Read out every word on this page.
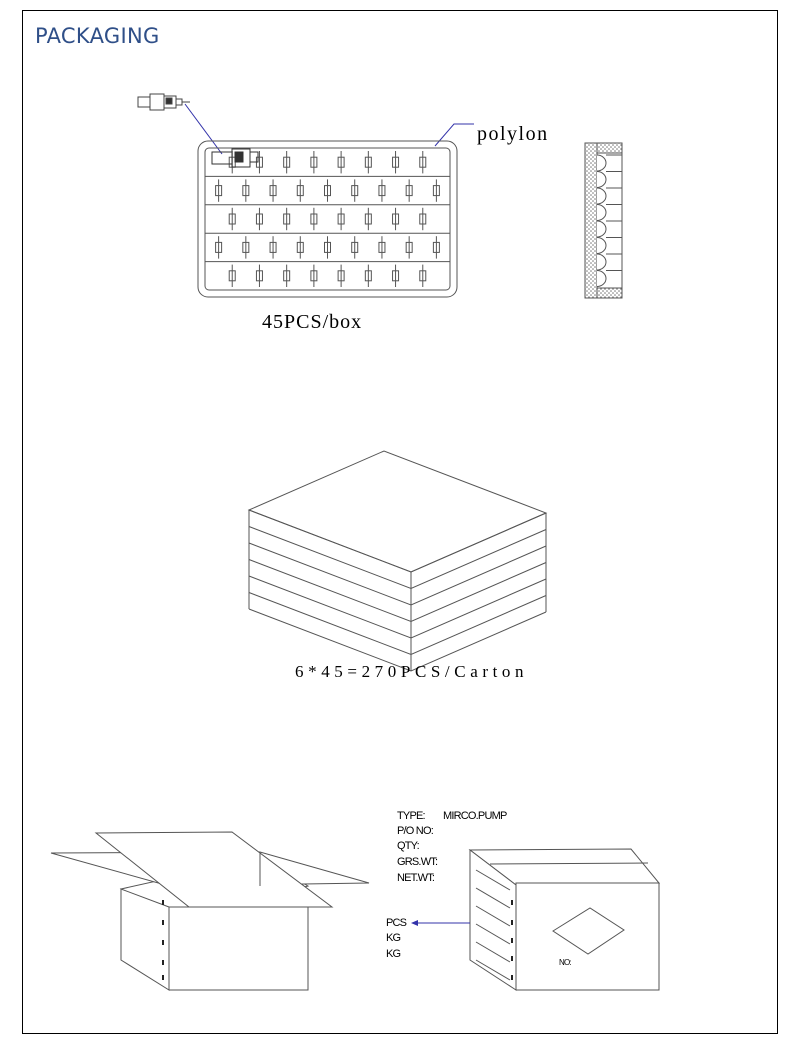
PACKAGING
polylon
45PCS/box
6*45=270PCS/Carton
TYPE: MIRCO.PUMP
P/O NO:
QTY:
GRS.WT:
NET.WT:
PCS
KG
KG
NO:
